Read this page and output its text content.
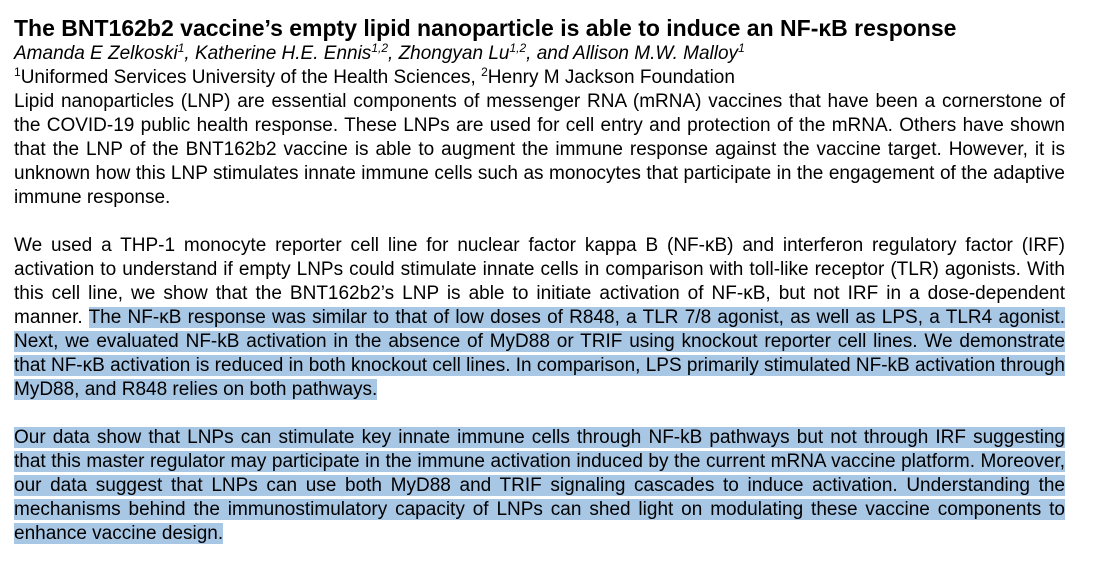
The BNT162b2 vaccine’s empty lipid nanoparticle is able to induce an NF-κB response

Amanda E Zelkoski$^1$, Katherine H.E. Ennis$^{1,2}$, Zhongyan Lu$^{1,2}$, and Allison M.W. Malloy$^1$

$^1$Uniformed Services University of the Health Sciences, $^2$Henry M Jackson Foundation

Lipid nanoparticles (LNP) are essential components of messenger RNA (mRNA) vaccines that have been a cornerstone of the COVID-19 public health response. These LNPs are used for cell entry and protection of the mRNA. Others have shown that the LNP of the BNT162b2 vaccine is able to augment the immune response against the vaccine target. However, it is unknown how this LNP stimulates innate immune cells such as monocytes that participate in the engagement of the adaptive immune response.

We used a THP-1 monocyte reporter cell line for nuclear factor kappa B (NF-κB) and interferon regulatory factor (IRF) activation to understand if empty LNPs could stimulate innate cells in comparison with toll-like receptor (TLR) agonists. With this cell line, we show that the BNT162b2’s LNP is able to initiate activation of NF-κB, but not IRF in a dose-dependent manner. The NF-κB response was similar to that of low doses of R848, a TLR 7/8 agonist, as well as LPS, a TLR4 agonist. Next, we evaluated NF-kB activation in the absence of MyD88 or TRIF using knockout reporter cell lines. We demonstrate that NF-κB activation is reduced in both knockout cell lines. In comparison, LPS primarily stimulated NF-kB activation through MyD88, and R848 relies on both pathways.

Our data show that LNPs can stimulate key innate immune cells through NF-kB pathways but not through IRF suggesting that this master regulator may participate in the immune activation induced by the current mRNA vaccine platform. Moreover, our data suggest that LNPs can use both MyD88 and TRIF signaling cascades to induce activation. Understanding the mechanisms behind the immunostimulatory capacity of LNPs can shed light on modulating these vaccine components to enhance vaccine design.
